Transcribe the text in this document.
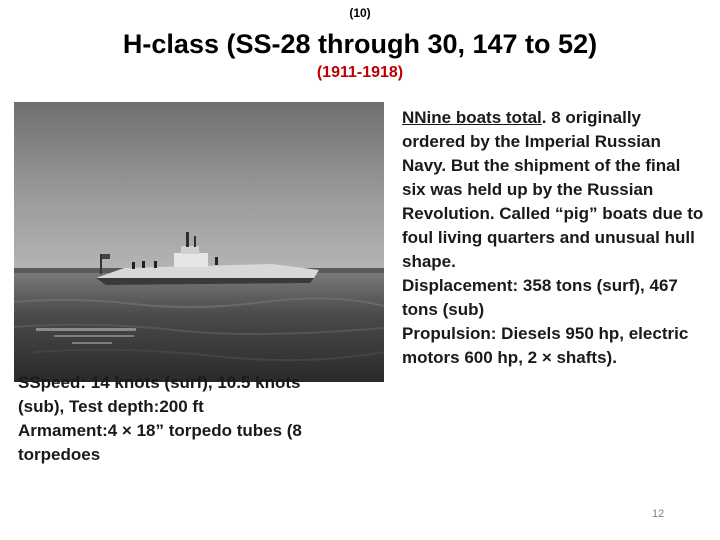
(10)
H-class (SS-28 through 30, 147 to 52)
(1911-1918)
SSpeed: 14 knots (surf), 10.5 knots
(sub), Test depth:200 ft
Armament:4 × 18” torpedo tubes (8
torpedoes
NNine boats total. 8 originally ordered by the Imperial Russian Navy. But the shipment of the final six was held up by the Russian Revolution. Called “pig” boats due to foul living quarters and unusual hull shape.
Displacement: 358 tons (surf), 467 tons (sub)
Propulsion: Diesels 950 hp, electric motors 600 hp, 2 × shafts).
12
